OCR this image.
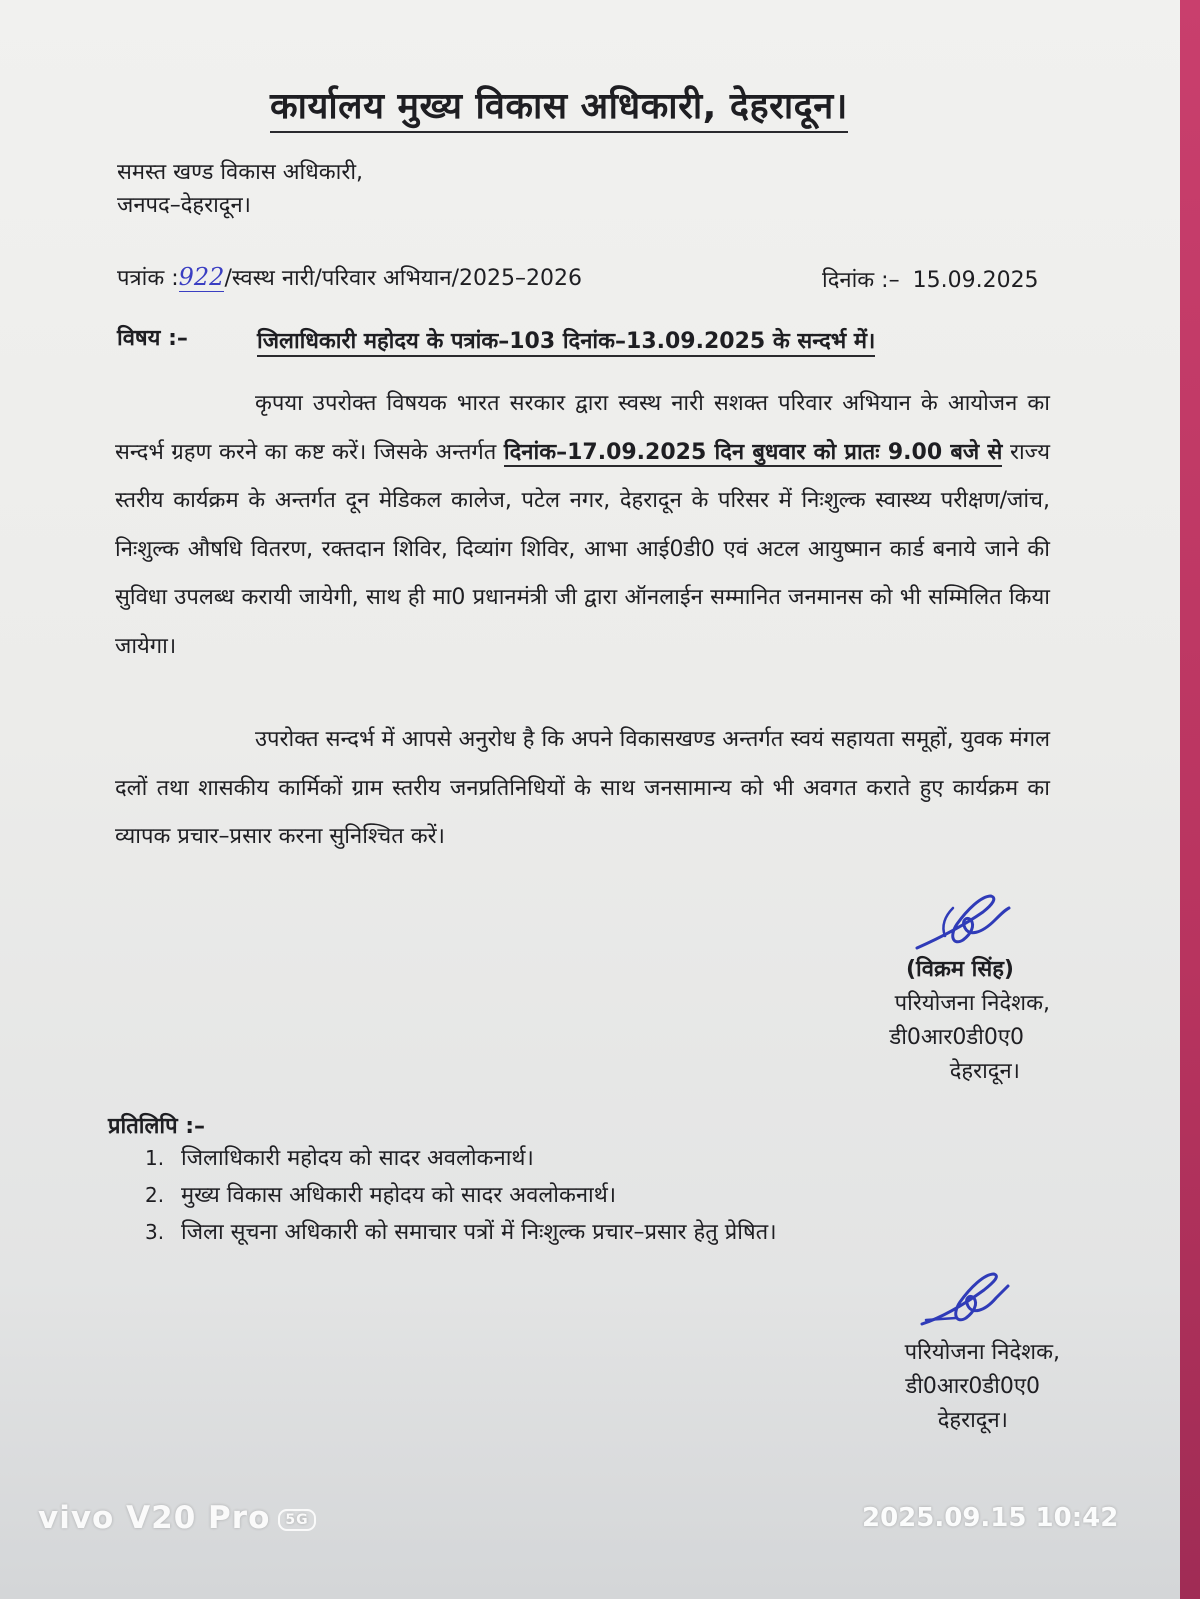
कार्यालय मुख्य विकास अधिकारी, देहरादून।
समस्त खण्ड विकास अधिकारी,
जनपद–देहरादून।
पत्रांक :922/स्वस्थ नारी/परिवार अभियान/2025–2026	दिनांक :– 15.09.2025
विषय :–	जिलाधिकारी महोदय के पत्रांक–103 दिनांक–13.09.2025 के सन्दर्भ में।
कृपया उपरोक्त विषयक भारत सरकार द्वारा स्वस्थ नारी सशक्त परिवार अभियान के आयोजन का सन्दर्भ ग्रहण करने का कष्ट करें। जिसके अन्तर्गत दिनांक–17.09.2025 दिन बुधवार को प्रातः 9.00 बजे से राज्य स्तरीय कार्यक्रम के अन्तर्गत दून मेडिकल कालेज, पटेल नगर, देहरादून के परिसर में निःशुल्क स्वास्थ्य परीक्षण/जांच, निःशुल्क औषधि वितरण, रक्तदान शिविर, दिव्यांग शिविर, आभा आई0डी0 एवं अटल आयुष्मान कार्ड बनाये जाने की सुविधा उपलब्ध करायी जायेगी, साथ ही मा0 प्रधानमंत्री जी द्वारा ऑनलाईन सम्मानित जनमानस को भी सम्मिलित किया जायेगा।
उपरोक्त सन्दर्भ में आपसे अनुरोध है कि अपने विकासखण्ड अन्तर्गत स्वयं सहायता समूहों, युवक मंगल दलों तथा शासकीय कार्मिकों ग्राम स्तरीय जनप्रतिनिधियों के साथ जनसामान्य को भी अवगत कराते हुए कार्यक्रम का व्यापक प्रचार–प्रसार करना सुनिश्चित करें।
(विक्रम सिंह)
परियोजना निदेशक,
डी0आर0डी0ए0
देहरादून।
प्रतिलिपि :–
1. जिलाधिकारी महोदय को सादर अवलोकनार्थ।
2. मुख्य विकास अधिकारी महोदय को सादर अवलोकनार्थ।
3. जिला सूचना अधिकारी को समाचार पत्रों में निःशुल्क प्रचार–प्रसार हेतु प्रेषित।
परियोजना निदेशक,
डी0आर0डी0ए0
देहरादून।
vivo V20 Pro 5G	2025.09.15 10:42
